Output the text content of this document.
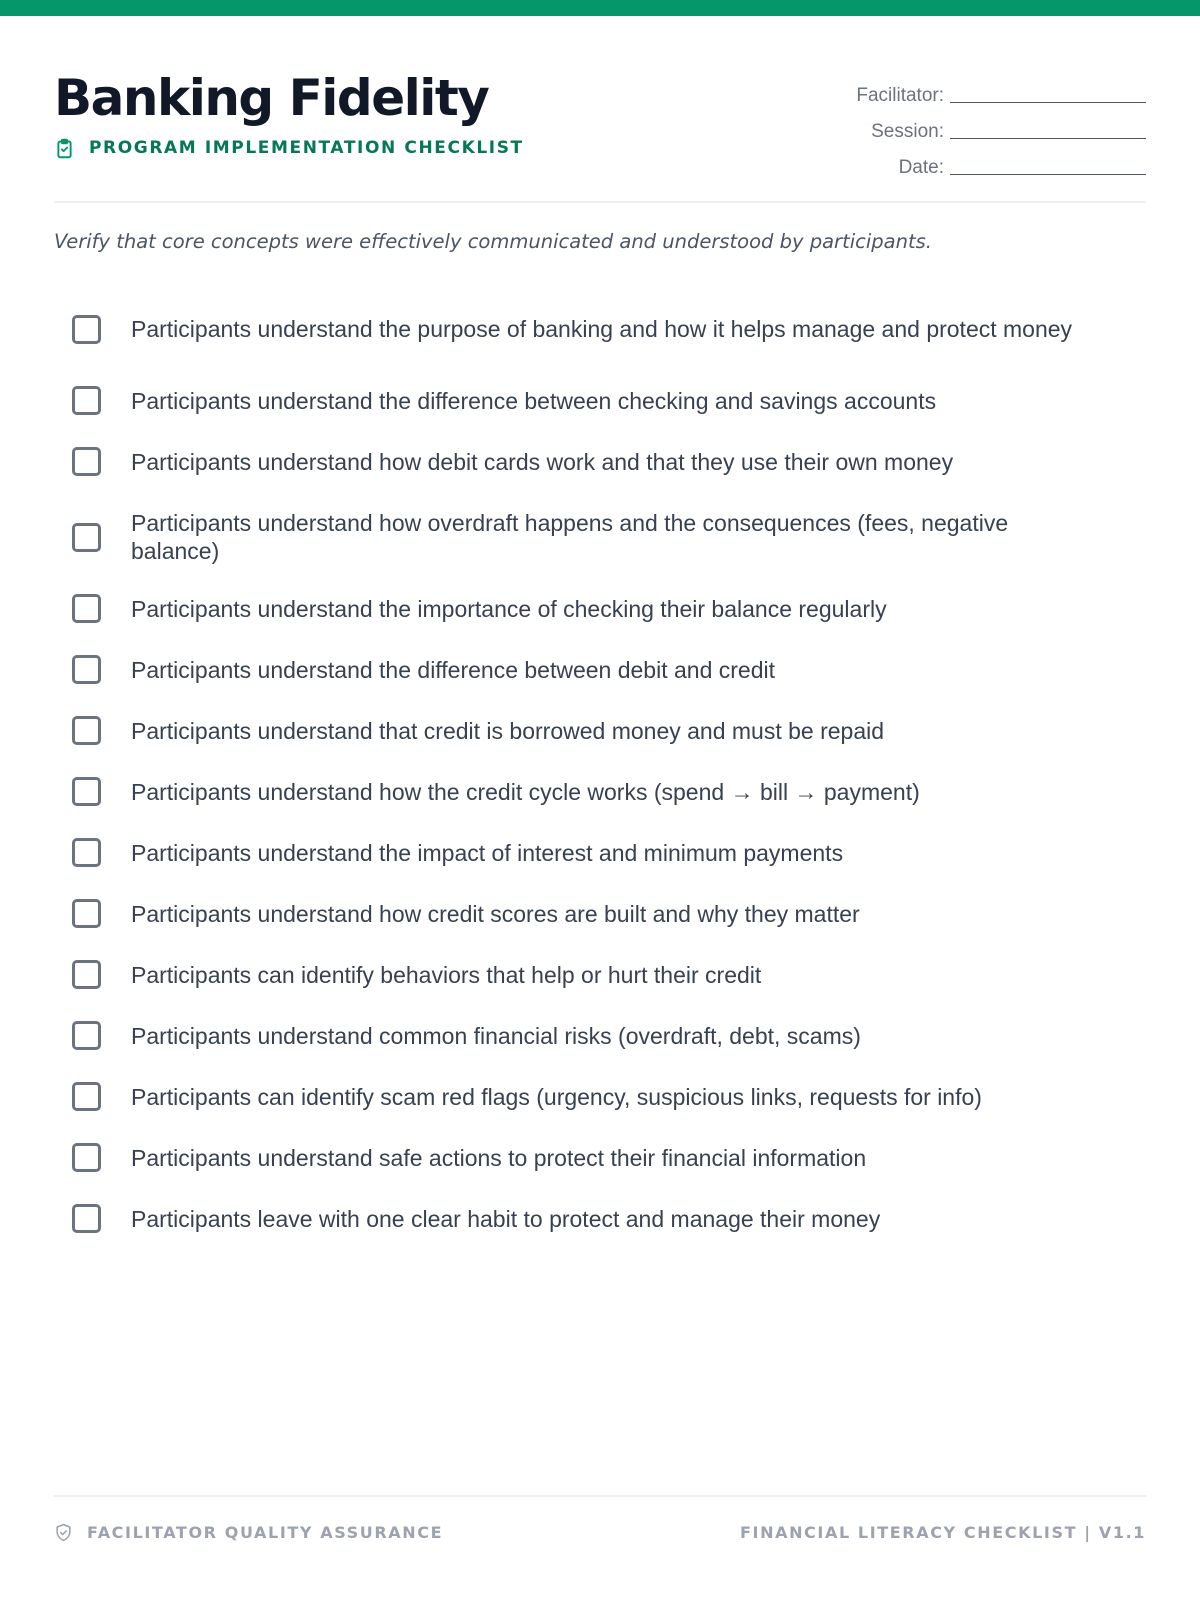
Banking Fidelity
PROGRAM IMPLEMENTATION CHECKLIST
Facilitator:
Session:
Date:

Verify that core concepts were effectively communicated and understood by participants.

Participants understand the purpose of banking and how it helps manage and protect money
Participants understand the difference between checking and savings accounts
Participants understand how debit cards work and that they use their own money
Participants understand how overdraft happens and the consequences (fees, negative balance)
Participants understand the importance of checking their balance regularly
Participants understand the difference between debit and credit
Participants understand that credit is borrowed money and must be repaid
Participants understand how the credit cycle works (spend → bill → payment)
Participants understand the impact of interest and minimum payments
Participants understand how credit scores are built and why they matter
Participants can identify behaviors that help or hurt their credit
Participants understand common financial risks (overdraft, debt, scams)
Participants can identify scam red flags (urgency, suspicious links, requests for info)
Participants understand safe actions to protect their financial information
Participants leave with one clear habit to protect and manage their money
FACILITATOR QUALITY ASSURANCE	FINANCIAL LITERACY CHECKLIST | V1.1
